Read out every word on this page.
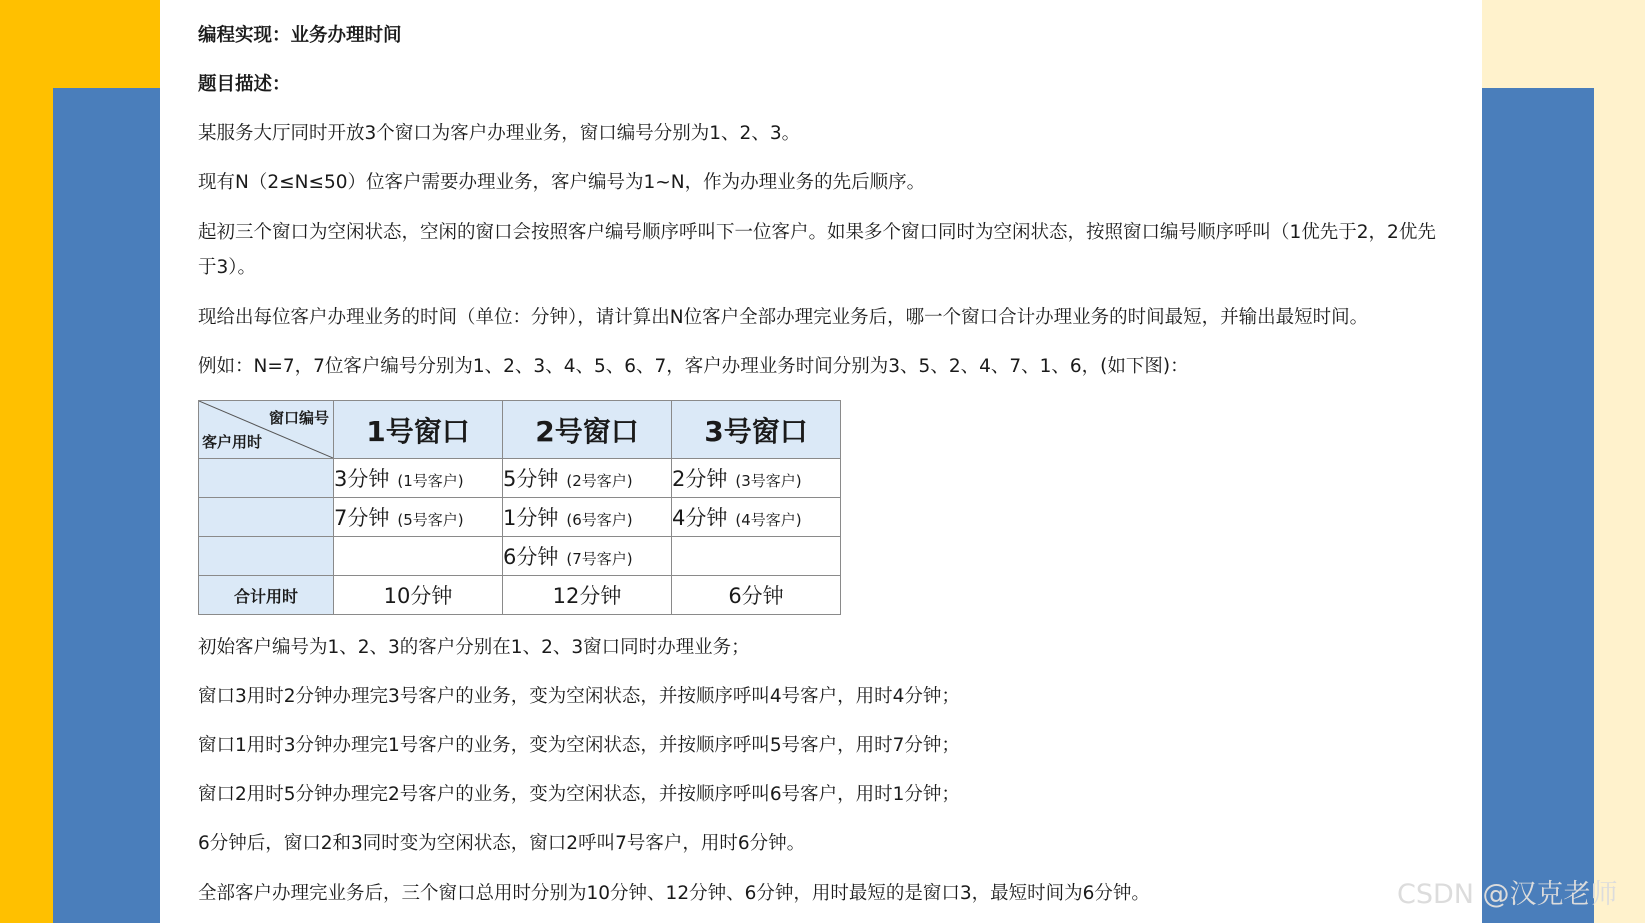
编程实现：业务办理时间
题目描述：
某服务大厅同时开放3个窗口为客户办理业务，窗口编号分别为1、2、3。
现有N（2≤N≤50）位客户需要办理业务，客户编号为1~N，作为办理业务的先后顺序。
起初三个窗口为空闲状态，空闲的窗口会按照客户编号顺序呼叫下一位客户。如果多个窗口同时为空闲状态，按照窗口编号顺序呼叫（1优先于2，2优先于3）。
现给出每位客户办理业务的时间（单位：分钟），请计算出N位客户全部办理完业务后，哪一个窗口合计办理业务的时间最短，并输出最短时间。
例如：N=7，7位客户编号分别为1、2、3、4、5、6、7，客户办理业务时间分别为3、5、2、4、7、1、6，(如下图)：
窗口编号
客户用时	1号窗口	2号窗口	3号窗口
	3分钟 (1号客户)	5分钟 (2号客户)	2分钟 (3号客户)
	7分钟 (5号客户)	1分钟 (6号客户)	4分钟 (4号客户)
		6分钟 (7号客户)	
合计用时	10分钟	12分钟	6分钟
初始客户编号为1、2、3的客户分别在1、2、3窗口同时办理业务；
窗口3用时2分钟办理完3号客户的业务，变为空闲状态，并按顺序呼叫4号客户，用时4分钟；
窗口1用时3分钟办理完1号客户的业务，变为空闲状态，并按顺序呼叫5号客户，用时7分钟；
窗口2用时5分钟办理完2号客户的业务，变为空闲状态，并按顺序呼叫6号客户，用时1分钟；
6分钟后，窗口2和3同时变为空闲状态，窗口2呼叫7号客户，用时6分钟。
全部客户办理完业务后，三个窗口总用时分别为10分钟、12分钟、6分钟，用时最短的是窗口3，最短时间为6分钟。	CSDN @汉克老师
